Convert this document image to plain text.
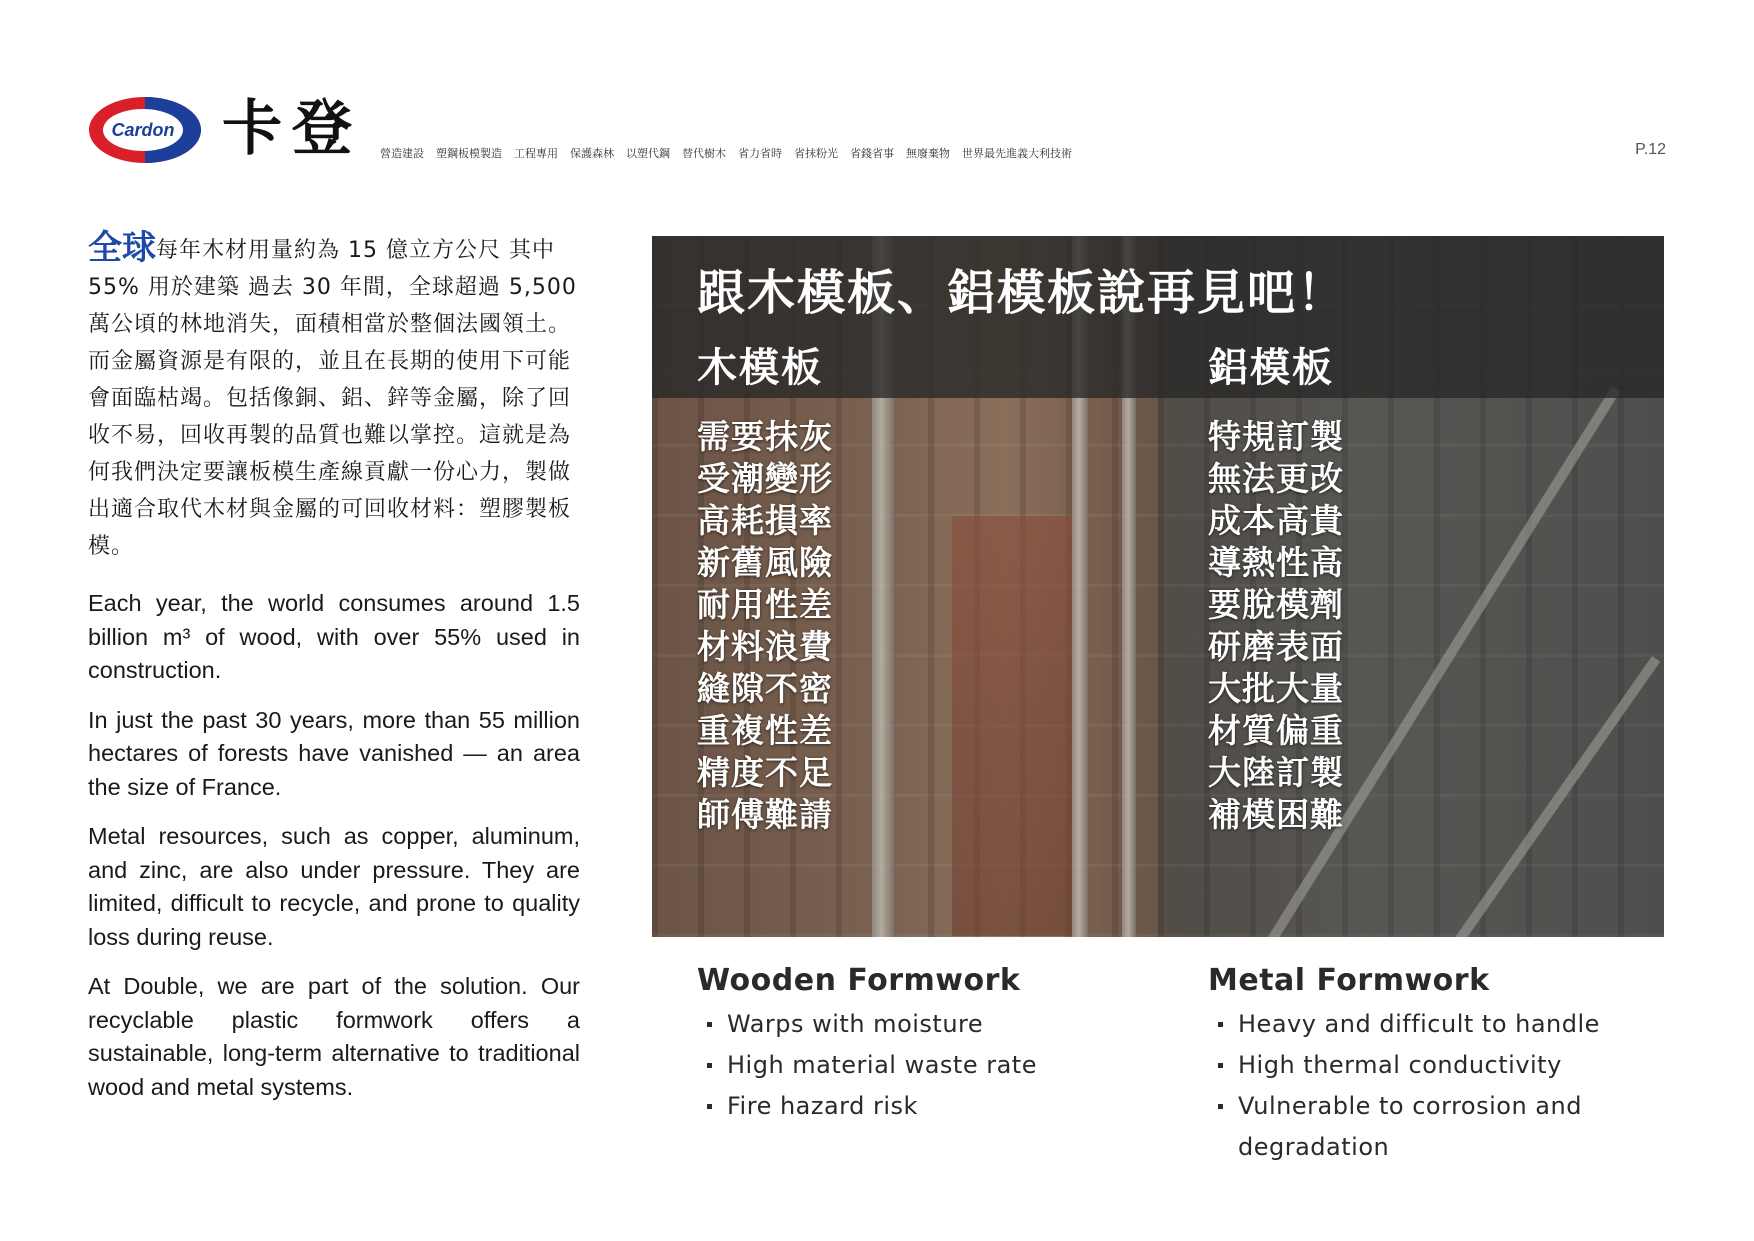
Cardon 卡登 營造建設 塑鋼板模製造 工程專用 保護森林 以塑代鋼 替代樹木 省力省時 省抹粉光 省錢省事 無廢棄物 世界最先進義大利技術	P.12

全球每年木材用量約為 15 億立方公尺 其中 55% 用於建築 過去 30 年間，全球超過 5,500 萬公頃的林地消失，面積相當於整個法國領土。

而金屬資源是有限的，並且在長期的使用下可能會面臨枯竭。包括像銅、鋁、鋅等金屬，除了回收不易，回收再製的品質也難以掌控。這就是為何我們決定要讓板模生產線貢獻一份心力，製做出適合取代木材與金屬的可回收材料：塑膠製板模。

Each year, the world consumes around 1.5 billion m³ of wood, with over 55% used in construction.

In just the past 30 years, more than 55 million hectares of forests have vanished — an area the size of France.

Metal resources, such as copper, aluminum, and zinc, are also under pressure. They are limited, difficult to recycle, and prone to quality loss during reuse.

At Double, we are part of the solution. Our recyclable plastic formwork offers a sustainable, long-term alternative to traditional wood and metal systems.

跟木模板、鋁模板說再見吧！
木模板	鋁模板
需要抹灰
受潮變形
高耗損率
新舊風險
耐用性差
材料浪費
縫隙不密
重複性差
精度不足
師傅難請
特規訂製
無法更改
成本高貴
導熱性高
要脫模劑
研磨表面
大批大量
材質偏重
大陸訂製
補模困難
Wooden Formwork
Warps with moisture
High material waste rate
Fire hazard risk
Metal Formwork
Heavy and difficult to handle
High thermal conductivity
Vulnerable to corrosion and degradation
